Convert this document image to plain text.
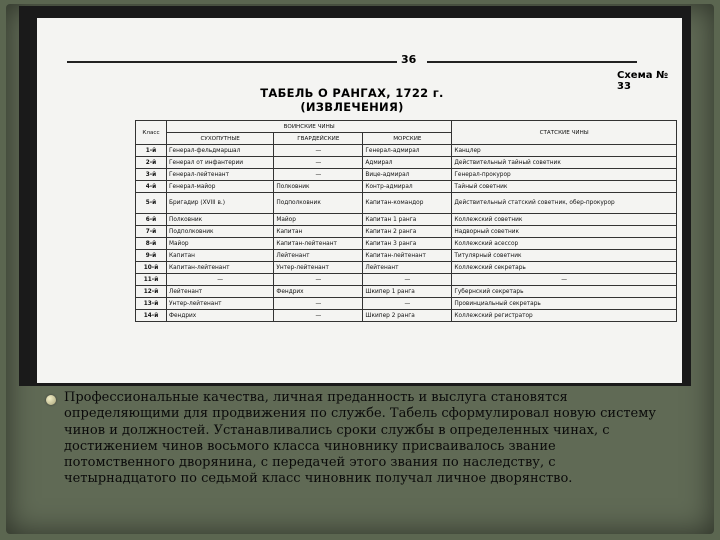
36
Схема № 33
ТАБЕЛЬ О РАНГАХ, 1722 г.
(ИЗВЛЕЧЕНИЯ)
Класс	ВОИНСКИЕ ЧИНЫ			СТАТСКИЕ ЧИНЫ
	СУХОПУТНЫЕ	ГВАРДЕЙСКИЕ	МОРСКИЕ	
1-й	Генерал-фельдмаршал	—	Генерал-адмирал	Канцлер
2-й	Генерал от инфантерии	—	Адмирал	Действительный тайный советник
3-й	Генерал-лейтенант	—	Вице-адмирал	Генерал-прокурор
4-й	Генерал-майор	Полковник	Контр-адмирал	Тайный советник
5-й	Бригадир (XVIII в.)	Подполковник	Капитан-командор	Действительный статский советник, обер-прокурор
6-й	Полковник	Майор	Капитан 1 ранга	Коллежский советник
7-й	Подполковник	Капитан	Капитан 2 ранга	Надворный советник
8-й	Майор	Капитан-лейтенант	Капитан 3 ранга	Коллежский асессор
9-й	Капитан	Лейтенант	Капитан-лейтенант	Титулярный советник
10-й	Капитан-лейтенант	Унтер-лейтенант	Лейтенант	Коллежский секретарь
11-й	—	—	—	—
12-й	Лейтенант	Фендрих	Шкипер 1 ранга	Губернский секретарь
13-й	Унтер-лейтенант	—	—	Провинциальный секретарь
14-й	Фендрих	—	Шкипер 2 ранга	Коллежский регистратор
Профессиональные качества, личная преданность и выслуга становятся определяющими для продвижения по службе. Табель сформулировал новую систему чинов и должностей. Устанавливались сроки службы в определенных чинах, с достижением чинов восьмого класса чиновнику присваивалось звание потомственного дворянина, с передачей этого звания по наследству, с четырнадцатого по седьмой класс чиновник получал личное дворянство.
